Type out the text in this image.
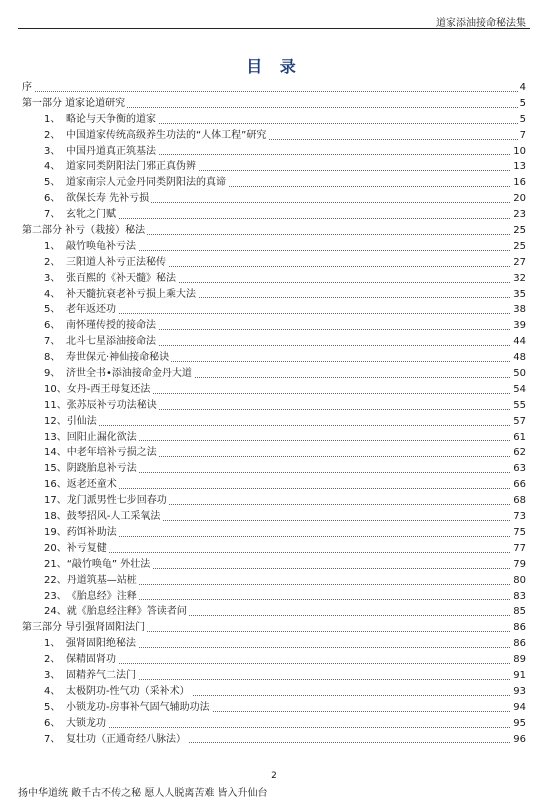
道家添油接命秘法集
目 录
序	4
第一部分 道家论道研究	5
1、 略论与天争衡的道家	5
2、 中国道家传统高级养生功法的“人体工程”研究	7
3、 中国丹道真正筑基法	10
4、 道家同类阴阳法门邪正真伪辨	13
5、 道家南宗人元金丹同类阴阳法的真谛	16
6、 欲保长寿 先补亏损	20
7、 玄牝之门赋	23
第二部分 补亏（栽接）秘法	25
1、 敲竹唤龟补亏法	25
2、 三阳道人补亏正法秘传	27
3、 张百熙的《补天髓》秘法	32
4、 补天髓抗衰老补亏损上乘大法	35
5、 老年返还功	38
6、 南怀瑾传授的接命法	39
7、 北斗七星添油接命法	44
8、 寿世保元·神仙接命秘诀	48
9、 济世全书•添油接命金丹大道	50
10、女丹-西王母复还法	54
11、张苏辰补亏功法秘诀	55
12、引仙法	57
13、回阳止漏化欲法	61
14、中老年培补亏损之法	62
15、阴跷胎息补亏法	63
16、返老还童术	66
17、龙门派男性七步回春功	68
18、鼓琴招风-人工采氧法	73
19、药饵补助法	75
20、补亏复健	77
21、“敲竹唤龟” 外壮法	79
22、丹道筑基—站桩	80
23、《胎息经》注释	83
24、就《胎息经注释》答读者问	85
第三部分 导引强肾固阳法门	86
1、 强肾固阳绝秘法	86
2、 保精固肾功	89
3、 固精养气二法门	91
4、 太极阴功-性气功（采补术）	93
5、 小锁龙功-房事补气固气辅助功法	94
6、 大锁龙功	95
7、 复壮功（正通奇经八脉法）	96
2
扬中华道统 敞千古不传之秘 愿人人脱离苦难 皆入升仙台
